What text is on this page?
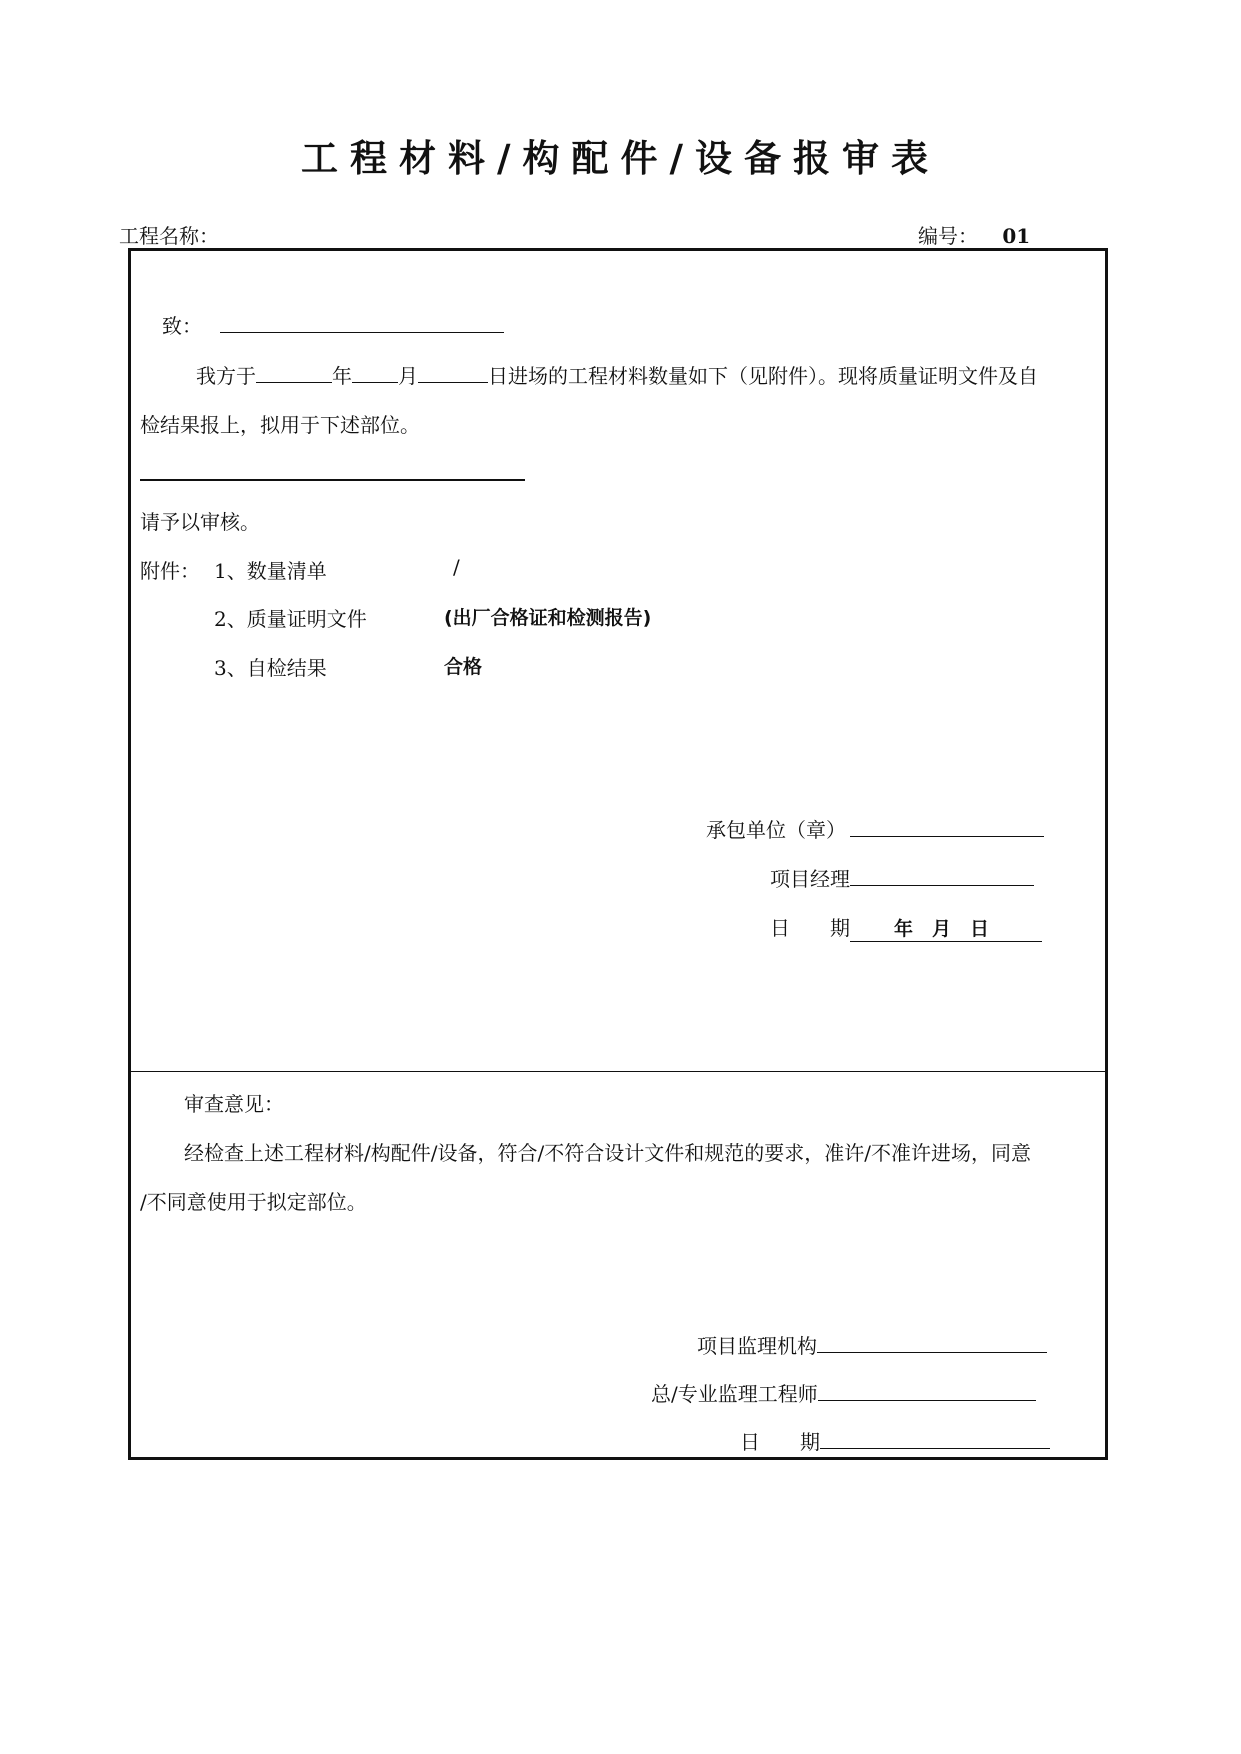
工程材料/构配件/设备报审表
工程名称：	编号： 01
致：
我方于	年 月	日进场的工程材料数量如下（见附件）。现将质量证明文件及自
检结果报上，拟用于下述部位。
请予以审核。
附件： 1、数量清单	/
2、质量证明文件	(出厂合格证和检测报告)
3、自检结果	合格
承包单位（章）
项目经理
日　　期 年　月　日
审查意见：
经检查上述工程材料/构配件/设备，符合/不符合设计文件和规范的要求，准许/不准许进场，同意
/不同意使用于拟定部位。
项目监理机构
总/专业监理工程师
日　　期
